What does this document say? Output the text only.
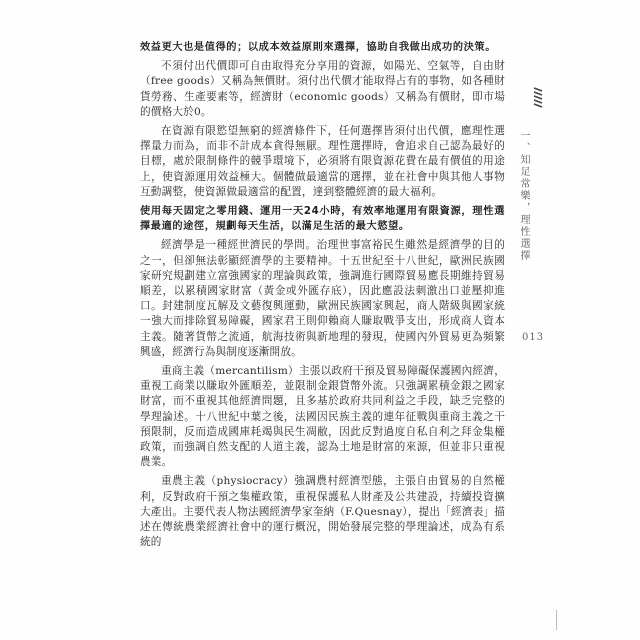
效益更大也是值得的；以成本效益原則來選擇，協助自我做出成功的決策。

不須付出代價即可自由取得充分享用的資源，如陽光、空氣等，自由財（free goods）又稱為無價財。須付出代價才能取得占有的事物，如各種財貨勞務、生產要素等，經濟財（economic goods）又稱為有價財，即市場的價格大於0。

在資源有限慾望無窮的經濟條件下，任何選擇皆須付出代價，應理性選擇量力而為，而非不計成本貪得無厭。理性選擇時，會追求自己認為最好的目標，處於限制條件的競爭環境下，必須將有限資源花費在最有價值的用途上，使資源運用效益極大。個體做最適當的選擇，並在社會中與其他人事物互動調整，使資源做最適當的配置，達到整體經濟的最大福利。

使用每天固定之零用錢、運用一天24小時，有效率地運用有限資源，理性選擇最適的途徑，規劃每天生活，以滿足生活的最大慾望。

經濟學是一種經世濟民的學問。治理世事富裕民生雖然是經濟學的目的之一，但卻無法彰顯經濟學的主要精神。十五世紀至十八世紀，歐洲民族國家研究規劃建立富強國家的理論與政策，強調進行國際貿易應長期維持貿易順差，以累積國家財富（黃金或外匯存底），因此應設法刺激出口並壓抑進口。封建制度瓦解及文藝復興運動，歐洲民族國家興起，商人階級與國家統一強大而排除貿易障礙，國家君王則仰賴商人賺取戰爭支出，形成商人資本主義。隨著貨幣之流通，航海技術與新地理的發現，使國內外貿易更為頻繁興盛，經濟行為與制度逐漸開放。

重商主義（mercantilism）主張以政府干預及貿易障礙保護國內經濟，重視工商業以賺取外匯順差，並限制金銀貨幣外流。只強調累積金銀之國家財富，而不重視其他經濟問題，且多基於政府共同利益之手段，缺乏完整的學理論述。十八世紀中葉之後，法國因民族主義的連年征戰與重商主義之干預限制，反而造成國庫耗竭與民生凋敝，因此反對過度自私自利之拜金集權政策，而強調自然支配的人道主義，認為土地是財富的來源，但並非只重視農業。

重農主義（physiocracy）強調農村經濟型態，主張自由貿易的自然權利，反對政府干預之集權政策，重視保護私人財產及公共建設，持續投資擴大產出。主要代表人物法國經濟學家奎納（F.Quesnay），提出「經濟表」描述在傳統農業經濟社會中的運行概況，開始發展完整的學理論述，成為有系統的

一、知足常樂，理性選擇
013
